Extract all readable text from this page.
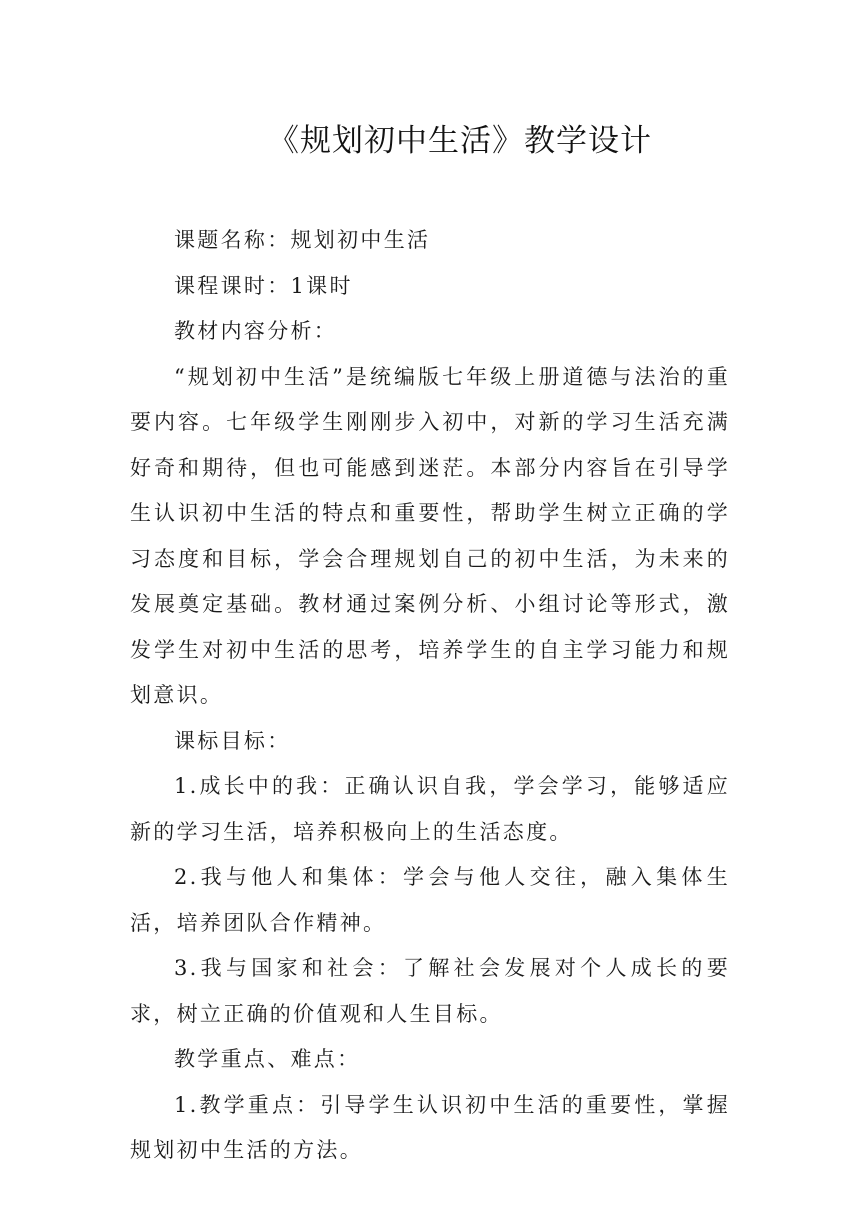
《规划初中生活》教学设计

课题名称：规划初中生活

课程课时：1课时

教材内容分析：

“规划初中生活”是统编版七年级上册道德与法治的重要内容。七年级学生刚刚步入初中，对新的学习生活充满好奇和期待，但也可能感到迷茫。本部分内容旨在引导学生认识初中生活的特点和重要性，帮助学生树立正确的学习态度和目标，学会合理规划自己的初中生活，为未来的发展奠定基础。教材通过案例分析、小组讨论等形式，激发学生对初中生活的思考，培养学生的自主学习能力和规划意识。

课标目标：

1.成长中的我：正确认识自我，学会学习，能够适应新的学习生活，培养积极向上的生活态度。

2.我与他人和集体：学会与他人交往，融入集体生活，培养团队合作精神。

3.我与国家和社会：了解社会发展对个人成长的要求，树立正确的价值观和人生目标。

教学重点、难点：

1.教学重点：引导学生认识初中生活的重要性，掌握规划初中生活的方法。
